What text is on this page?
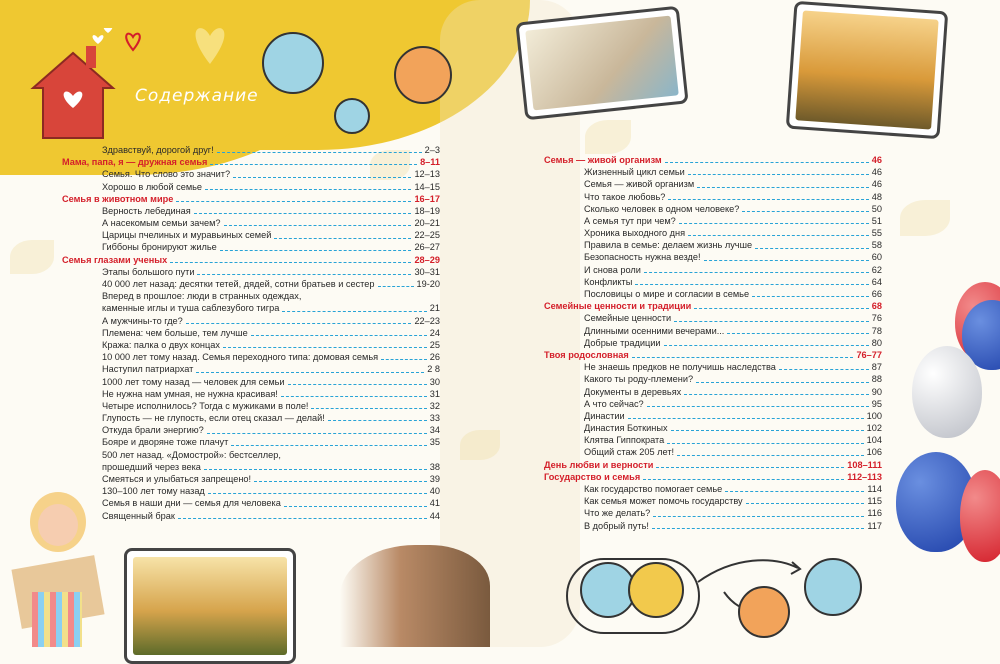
Содержание
Здравствуй, дорогой друг!	2–3
Мама, папа, я — дружная семья	8–11
Семья. Что слово это значит?	12–13
Хорошо в любой семье	14–15
Семья в животном мире	16–17
Верность лебединая	18–19
А насекомым семьи зачем?	20–21
Царицы пчелиных и муравьиных семей	22–25
Гиббоны бронируют жилье	26–27
Семья глазами ученых	28–29
Этапы большого пути	30–31
40 000 лет назад: десятки тетей, дядей, сотни братьев и сестер	19-20
Вперед в прошлое: люди в странных одеждах,
каменные иглы и туша саблезубого тигра	21
А мужчины-то где?	22–23
Племена: чем больше, тем лучше	24
Кража: палка о двух концах	25
10 000 лет тому назад. Семья переходного типа: домовая семья	26
Наступил патриархат	2 8
1000 лет тому назад — человек для семьи	30
Не нужна нам умная, не нужна красивая!	31
Четыре исполнилось? Тогда с мужиками в поле!	32
Глупость — не глупость, если отец сказал — делай!	33
Откуда брали энергию?	34
Бояре и дворяне тоже плачут	35
500 лет назад. «Домострой»: бестселлер,
прошедший через века	38
Смеяться и улыбаться запрещено!	39
130–100 лет тому назад	40
Семья в наши дни — семья для человека	41
Священный брак	44
Семья — живой организм	46
Жизненный цикл семьи	46
Семья — живой организм	46
Что такое любовь?	48
Сколько человек в одном человеке?	50
А семья тут при чем?	51
Хроника выходного дня	55
Правила в семье: делаем жизнь лучше	58
Безопасность нужна везде!	60
И снова роли	62
Конфликты	64
Пословицы о мире и согласии в семье	66
Семейные ценности и традиции	68
Семейные ценности	76
Длинными осенними вечерами...	78
Добрые традиции	80
Твоя родословная	76–77
Не знаешь предков не получишь наследства	87
Какого ты роду-племени?	88
Документы в деревьях	90
А что сейчас?	95
Династии	100
Династия Боткиных	102
Клятва Гиппократа	104
Общий стаж 205 лет!	106
День любви и верности	108–111
Государство и семья	112–113
Как государство помогает семье	114
Как семья может помочь государству	115
Что же делать?	116
В добрый путь!	117
